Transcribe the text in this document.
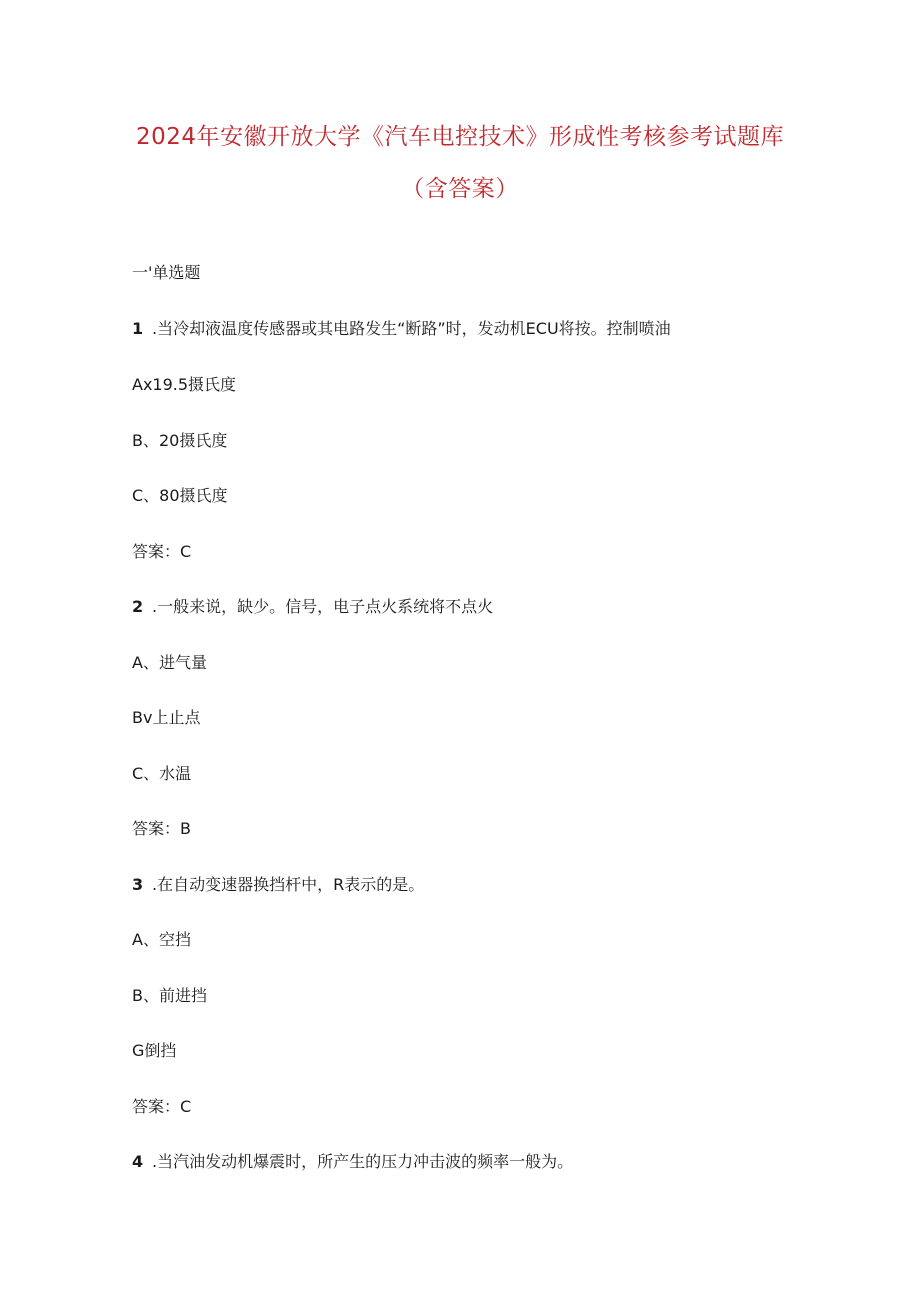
2024年安徽开放大学《汽车电控技术》形成性考核参考试题库
（含答案）
一'单选题
1 .当冷却液温度传感器或其电路发生“断路”时，发动机ECU将按。控制喷油
Ax19.5摄氏度
B、20摄氏度
C、80摄氏度
答案：C
2 .一般来说，缺少。信号，电子点火系统将不点火
A、进气量
Bv上止点
C、水温
答案：B
3 .在自动变速器换挡杆中，R表示的是。
A、空挡
B、前进挡
G倒挡
答案：C
4 .当汽油发动机爆震时，所产生的压力冲击波的频率一般为。
